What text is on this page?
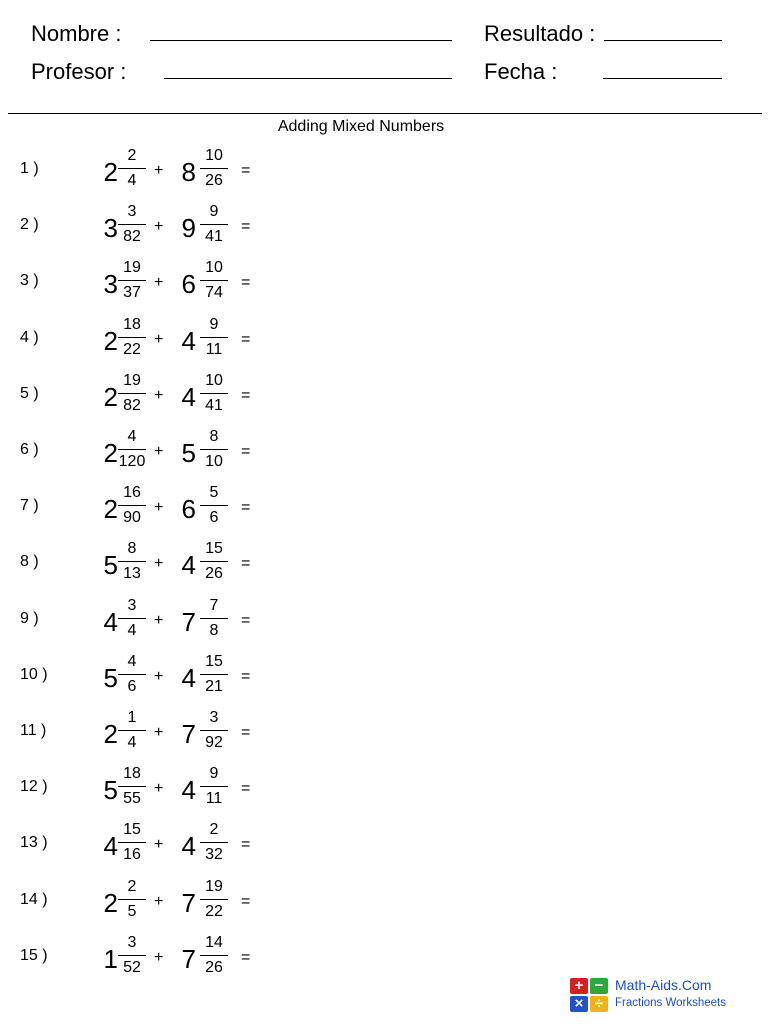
Nombre :	Resultado :
Profesor :	Fecha :
Adding Mixed Numbers
1 )	2
2
4
+ 8
10
26
=
2 )	3
3
82
+ 9
9
41
=
3 )	3
19
37
+ 6
10
74
=
4 )	2
18
22
+ 4
9
11
=
5 )	2
19
82
+ 4
10
41
=
6 )	2
4
120
+ 5
8
10
=
7 )	2
16
90
+ 6
5
6
=
8 )	5
8
13
+ 4
15
26
=
9 )	4
3
4
+ 7
7
8
=
10 )	5
4
6
+ 4
15
21
=
11 )	2
1
4
+ 7
3
92
=
12 )	5
18
55
+ 4
9
11
=
13 )	4
15
16
+ 4
2
32
=
14 )	2
2
5
+ 7
19
22
=
15 )	1
3
52
+ 7
14
26
=
+ −
× ÷
Math-Aids.Com
Fractions Worksheets
